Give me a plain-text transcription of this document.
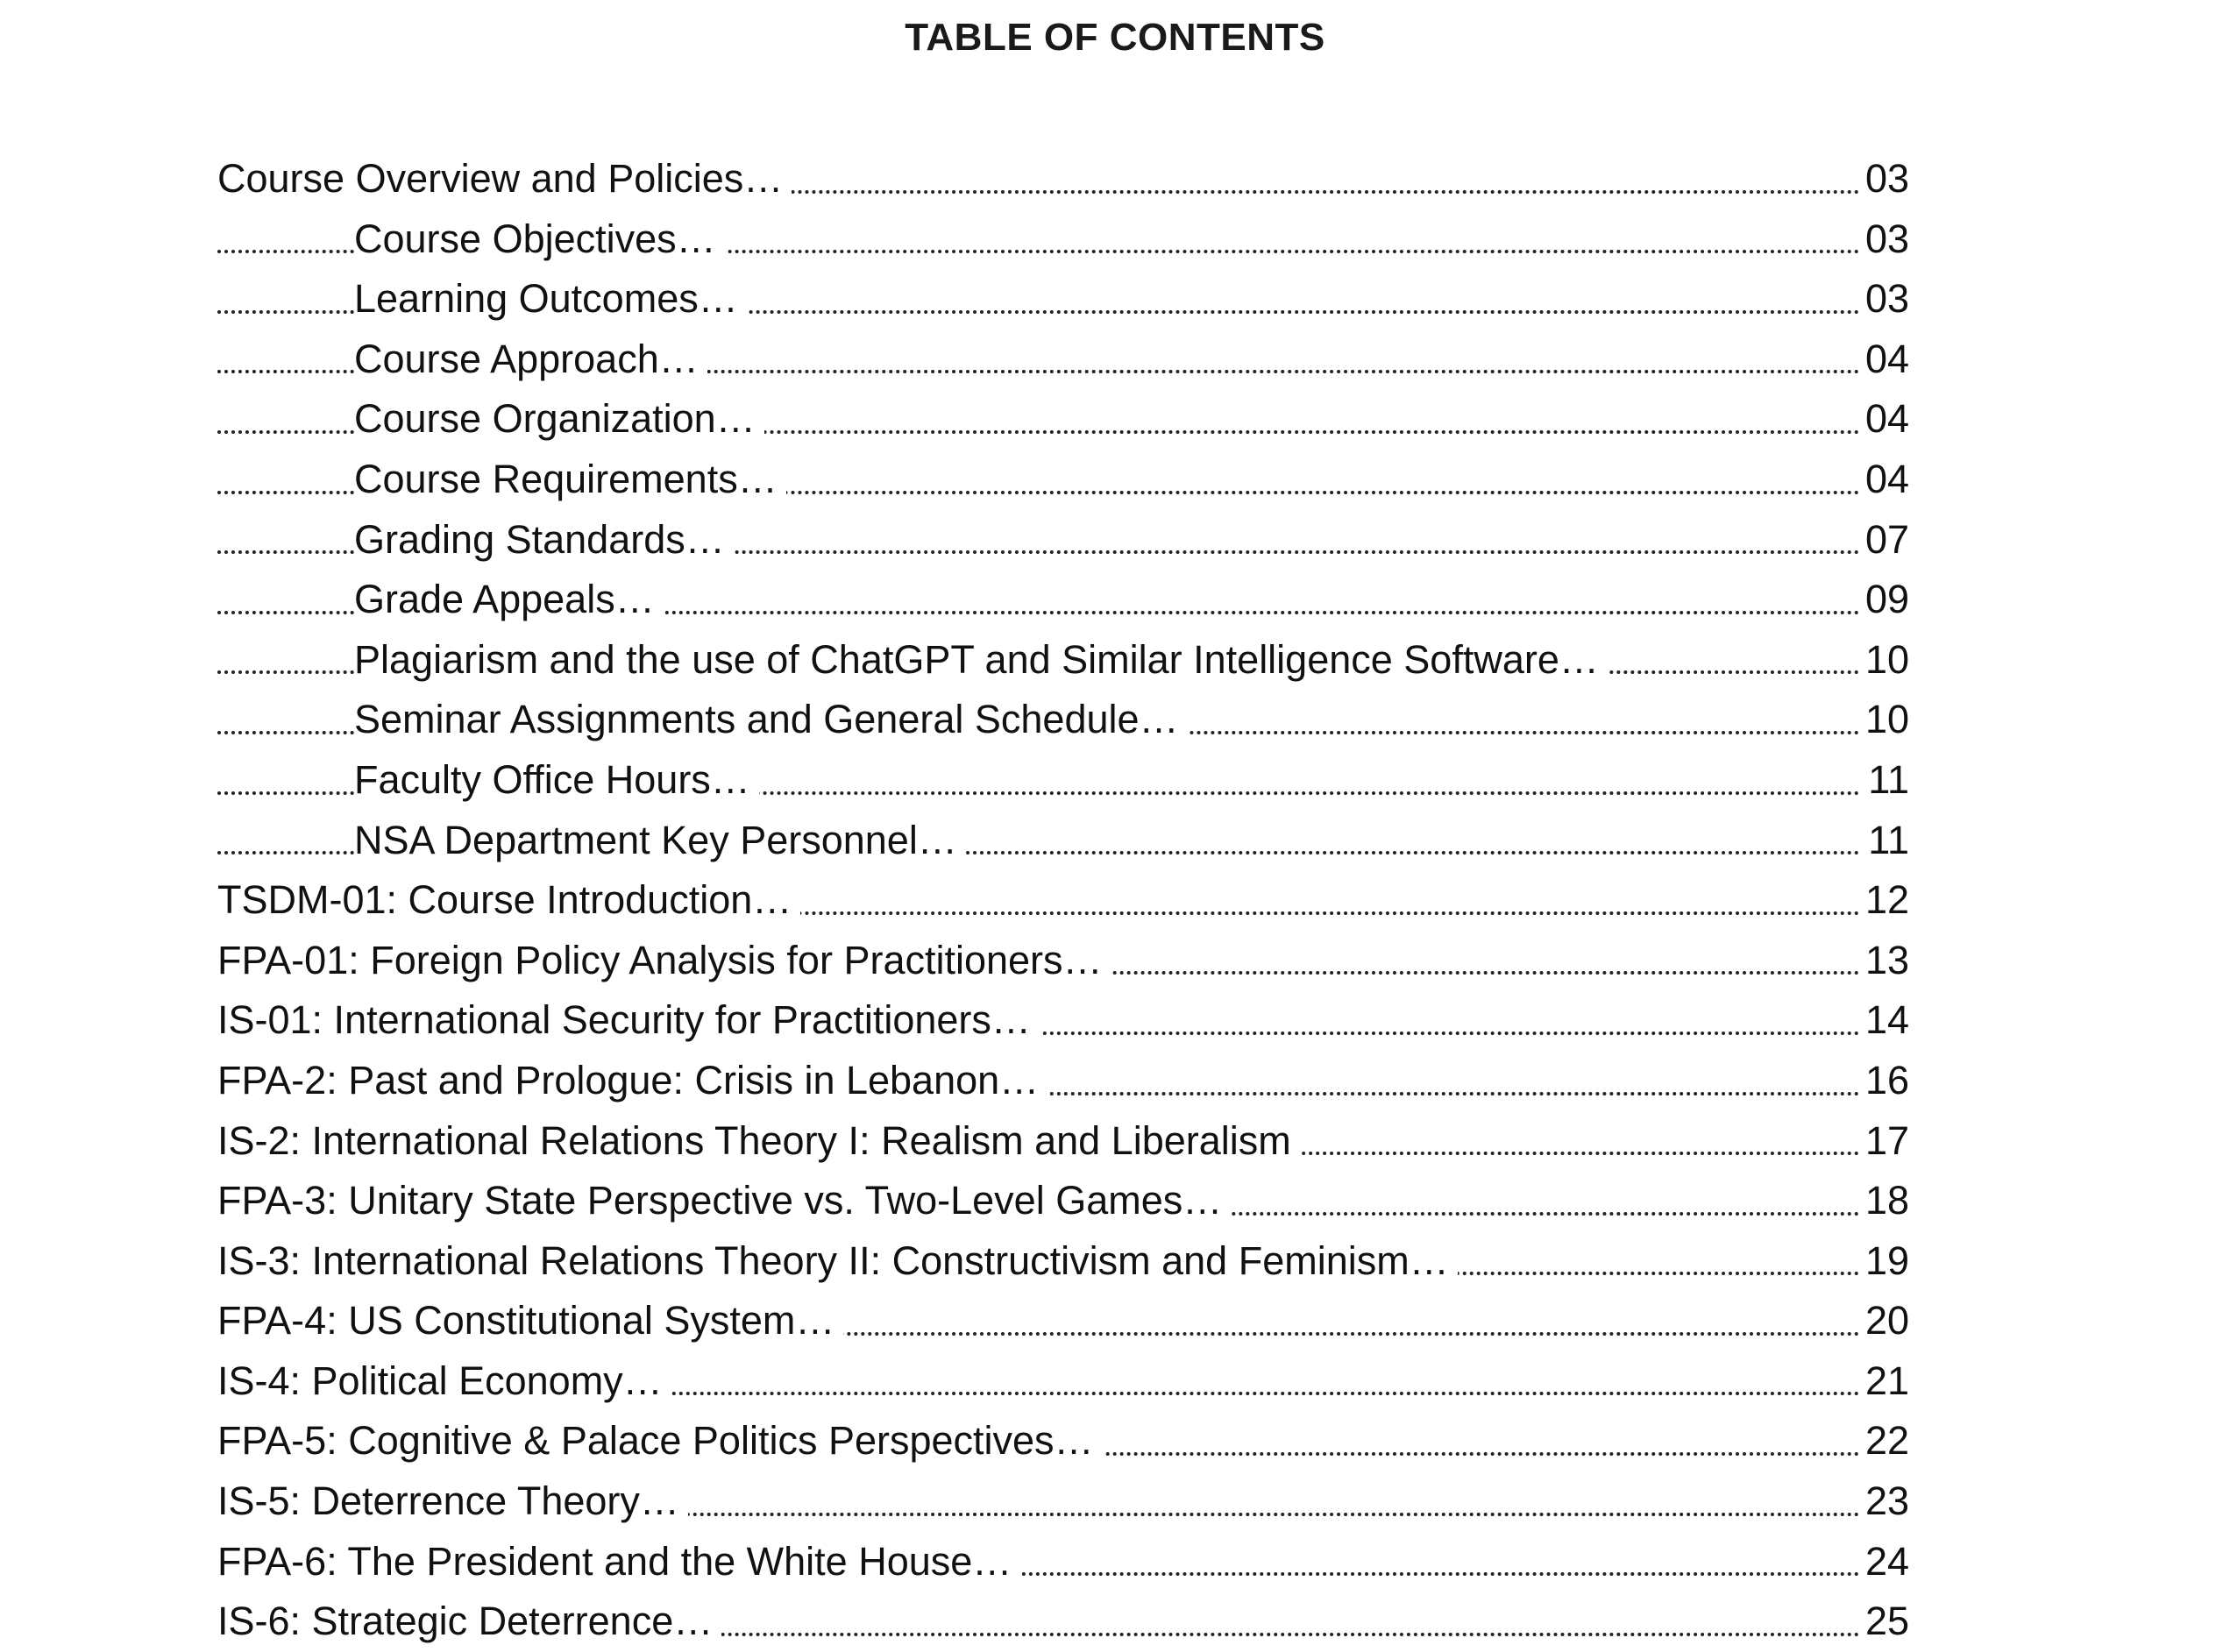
TABLE OF CONTENTS
Course Overview and Policies…	03
Course Objectives…	03
Learning Outcomes…	03
Course Approach…	04
Course Organization…	04
Course Requirements…	04
Grading Standards…	07
Grade Appeals…	09
Plagiarism and the use of ChatGPT and Similar Intelligence Software…	10
Seminar Assignments and General Schedule…	10
Faculty Office Hours…	11
NSA Department Key Personnel…	11
TSDM-01: Course Introduction…	12
FPA-01: Foreign Policy Analysis for Practitioners…	13
IS-01: International Security for Practitioners…	14
FPA-2: Past and Prologue: Crisis in Lebanon…	16
IS-2: International Relations Theory I: Realism and Liberalism	17
FPA-3: Unitary State Perspective vs. Two-Level Games…	18
IS-3: International Relations Theory II: Constructivism and Feminism…	19
FPA-4: US Constitutional System…	20
IS-4: Political Economy…	21
FPA-5: Cognitive & Palace Politics Perspectives…	22
IS-5: Deterrence Theory…	23
FPA-6: The President and the White House…	24
IS-6: Strategic Deterrence…	25
